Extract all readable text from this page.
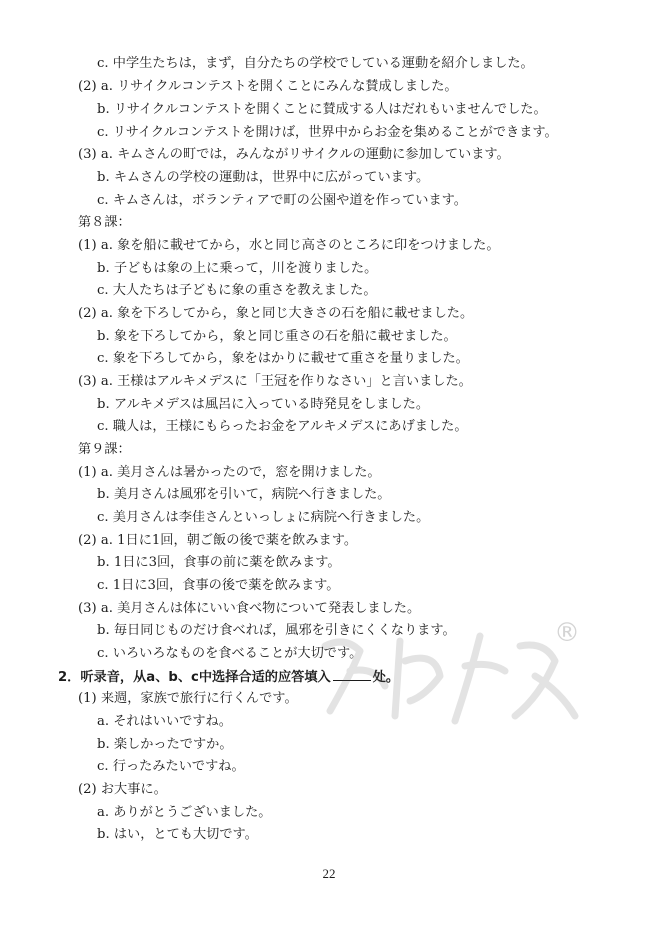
c. 中学生たちは，まず，自分たちの学校でしている運動を紹介しました。
(2) a. リサイクルコンテストを開くことにみんな賛成しました。
b. リサイクルコンテストを開くことに賛成する人はだれもいませんでした。
c. リサイクルコンテストを開けば，世界中からお金を集めることができます。
(3) a. キムさんの町では，みんながリサイクルの運動に参加しています。
b. キムさんの学校の運動は，世界中に広がっています。
c. キムさんは，ボランティアで町の公園や道を作っています。
第８課：
(1) a. 象を船に載せてから，水と同じ高さのところに印をつけました。
b. 子どもは象の上に乗って，川を渡りました。
c. 大人たちは子どもに象の重さを教えました。
(2) a. 象を下ろしてから，象と同じ大きさの石を船に載せました。
b. 象を下ろしてから，象と同じ重さの石を船に載せました。
c. 象を下ろしてから，象をはかりに載せて重さを量りました。
(3) a. 王様はアルキメデスに「王冠を作りなさい」と言いました。
b. アルキメデスは風呂に入っている時発見をしました。
c. 職人は，王様にもらったお金をアルキメデスにあげました。
第９課：
(1) a. 美月さんは暑かったので，窓を開けました。
b. 美月さんは風邪を引いて，病院へ行きました。
c. 美月さんは李佳さんといっしょに病院へ行きました。
(2) a. 1日に1回，朝ご飯の後で薬を飲みます。
b. 1日に3回，食事の前に薬を飲みます。
c. 1日に3回，食事の後で薬を飲みます。
(3) a. 美月さんは体にいい食べ物について発表しました。
b. 毎日同じものだけ食べれば，風邪を引きにくくなります。
c. いろいろなものを食べることが大切です。
2．听录音，从a、b、c中选择合适的应答填入	处。
(1) 来週，家族で旅行に行くんです。
a. それはいいですね。
b. 楽しかったですか。
c. 行ったみたいですね。
(2) お大事に。
a. ありがとうございました。
b. はい，とても大切です。
®
22
